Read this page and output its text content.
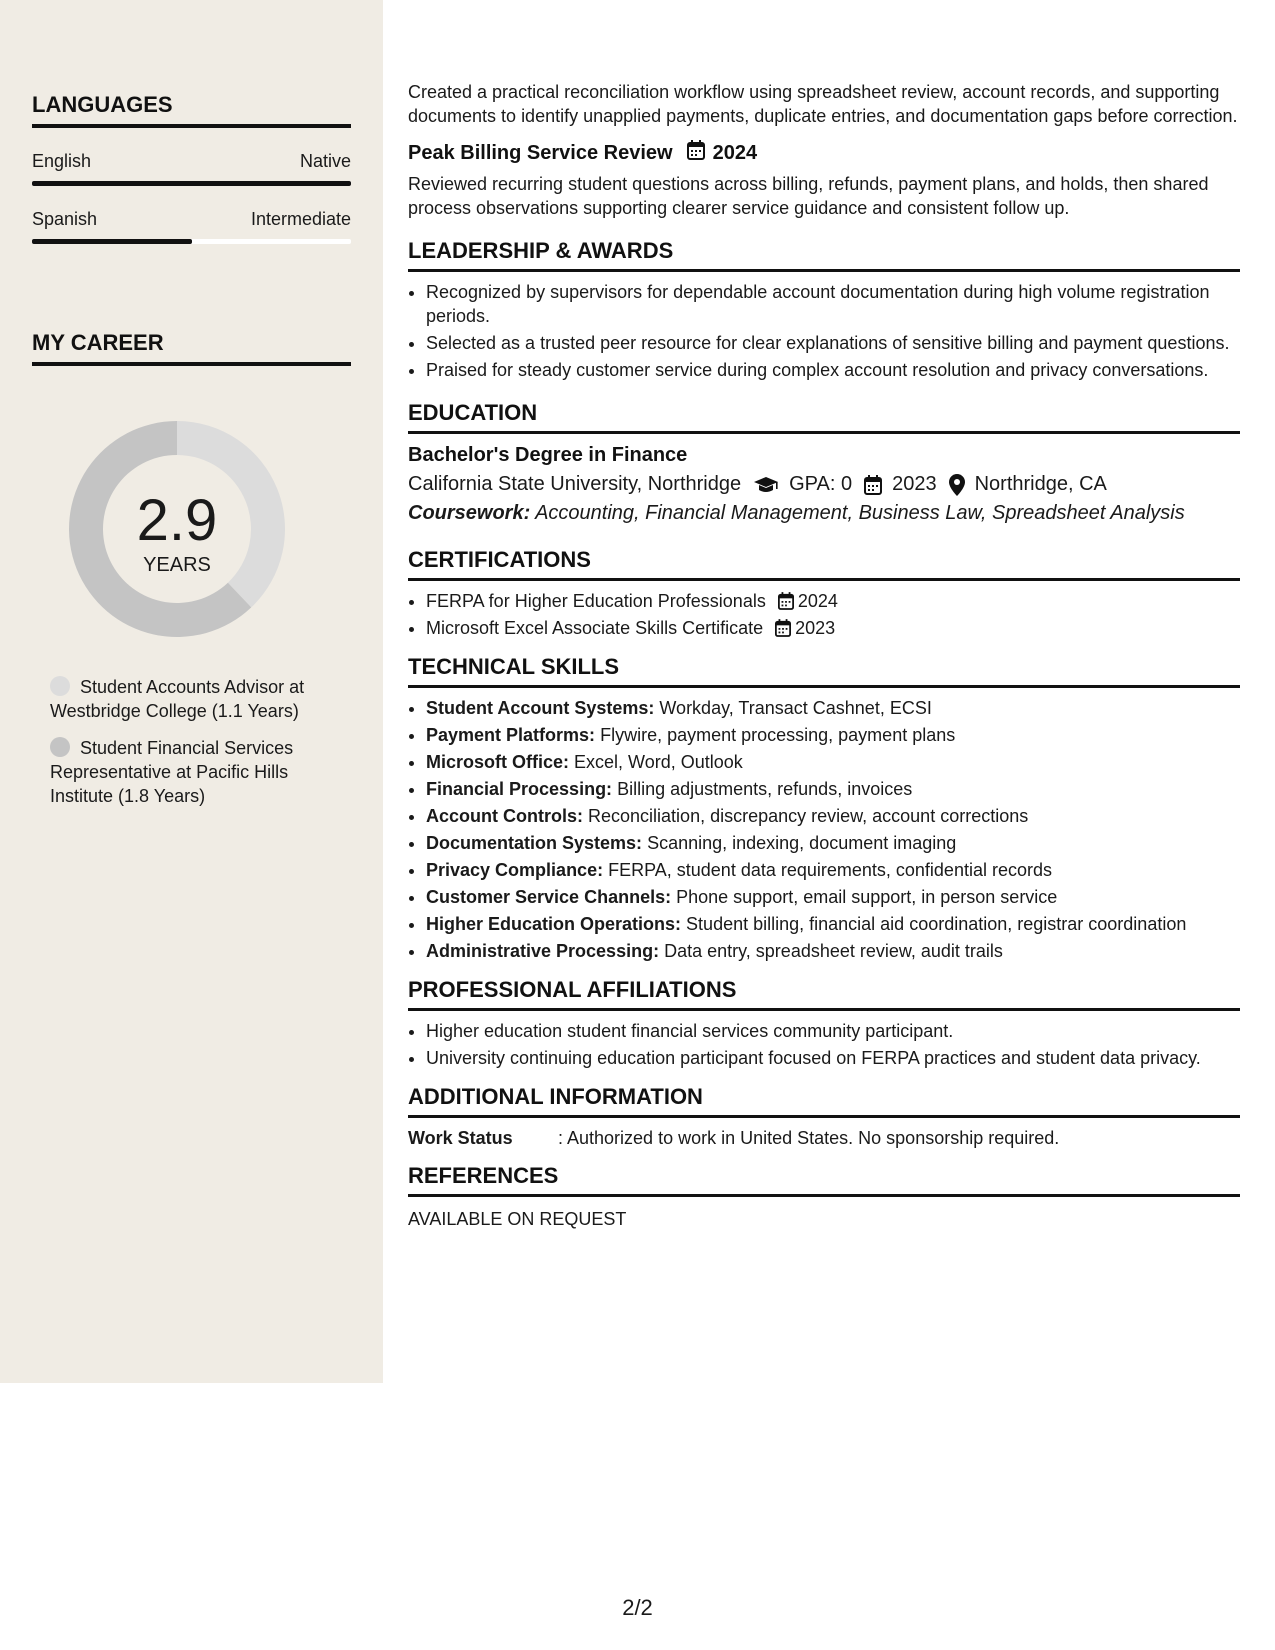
LANGUAGES
English	Native
Spanish	Intermediate
MY CAREER
2.9
YEARS
Student Accounts Advisor at Westbridge College (1.1 Years)
Student Financial Services Representative at Pacific Hills Institute (1.8 Years)

Created a practical reconciliation workflow using spreadsheet review, account records, and supporting documents to identify unapplied payments, duplicate entries, and documentation gaps before correction.

Peak Billing Service Review 2024

Reviewed recurring student questions across billing, refunds, payment plans, and holds, then shared process observations supporting clearer service guidance and consistent follow up.

LEADERSHIP & AWARDS
• Recognized by supervisors for dependable account documentation during high volume registration periods.
• Selected as a trusted peer resource for clear explanations of sensitive billing and payment questions.
• Praised for steady customer service during complex account resolution and privacy conversations.
EDUCATION
Bachelor's Degree in Finance
California State University, Northridge GPA: 0 2023 Northridge, CA
Coursework: Accounting, Financial Management, Business Law, Spreadsheet Analysis
CERTIFICATIONS
• FERPA for Higher Education Professionals 2024
• Microsoft Excel Associate Skills Certificate 2023
TECHNICAL SKILLS
• Student Account Systems: Workday, Transact Cashnet, ECSI
• Payment Platforms: Flywire, payment processing, payment plans
• Microsoft Office: Excel, Word, Outlook
• Financial Processing: Billing adjustments, refunds, invoices
• Account Controls: Reconciliation, discrepancy review, account corrections
• Documentation Systems: Scanning, indexing, document imaging
• Privacy Compliance: FERPA, student data requirements, confidential records
• Customer Service Channels: Phone support, email support, in person service
• Higher Education Operations: Student billing, financial aid coordination, registrar coordination
• Administrative Processing: Data entry, spreadsheet review, audit trails
PROFESSIONAL AFFILIATIONS
• Higher education student financial services community participant.
• University continuing education participant focused on FERPA practices and student data privacy.
ADDITIONAL INFORMATION
Work Status	: Authorized to work in United States. No sponsorship required.
REFERENCES
AVAILABLE ON REQUEST
2/2
